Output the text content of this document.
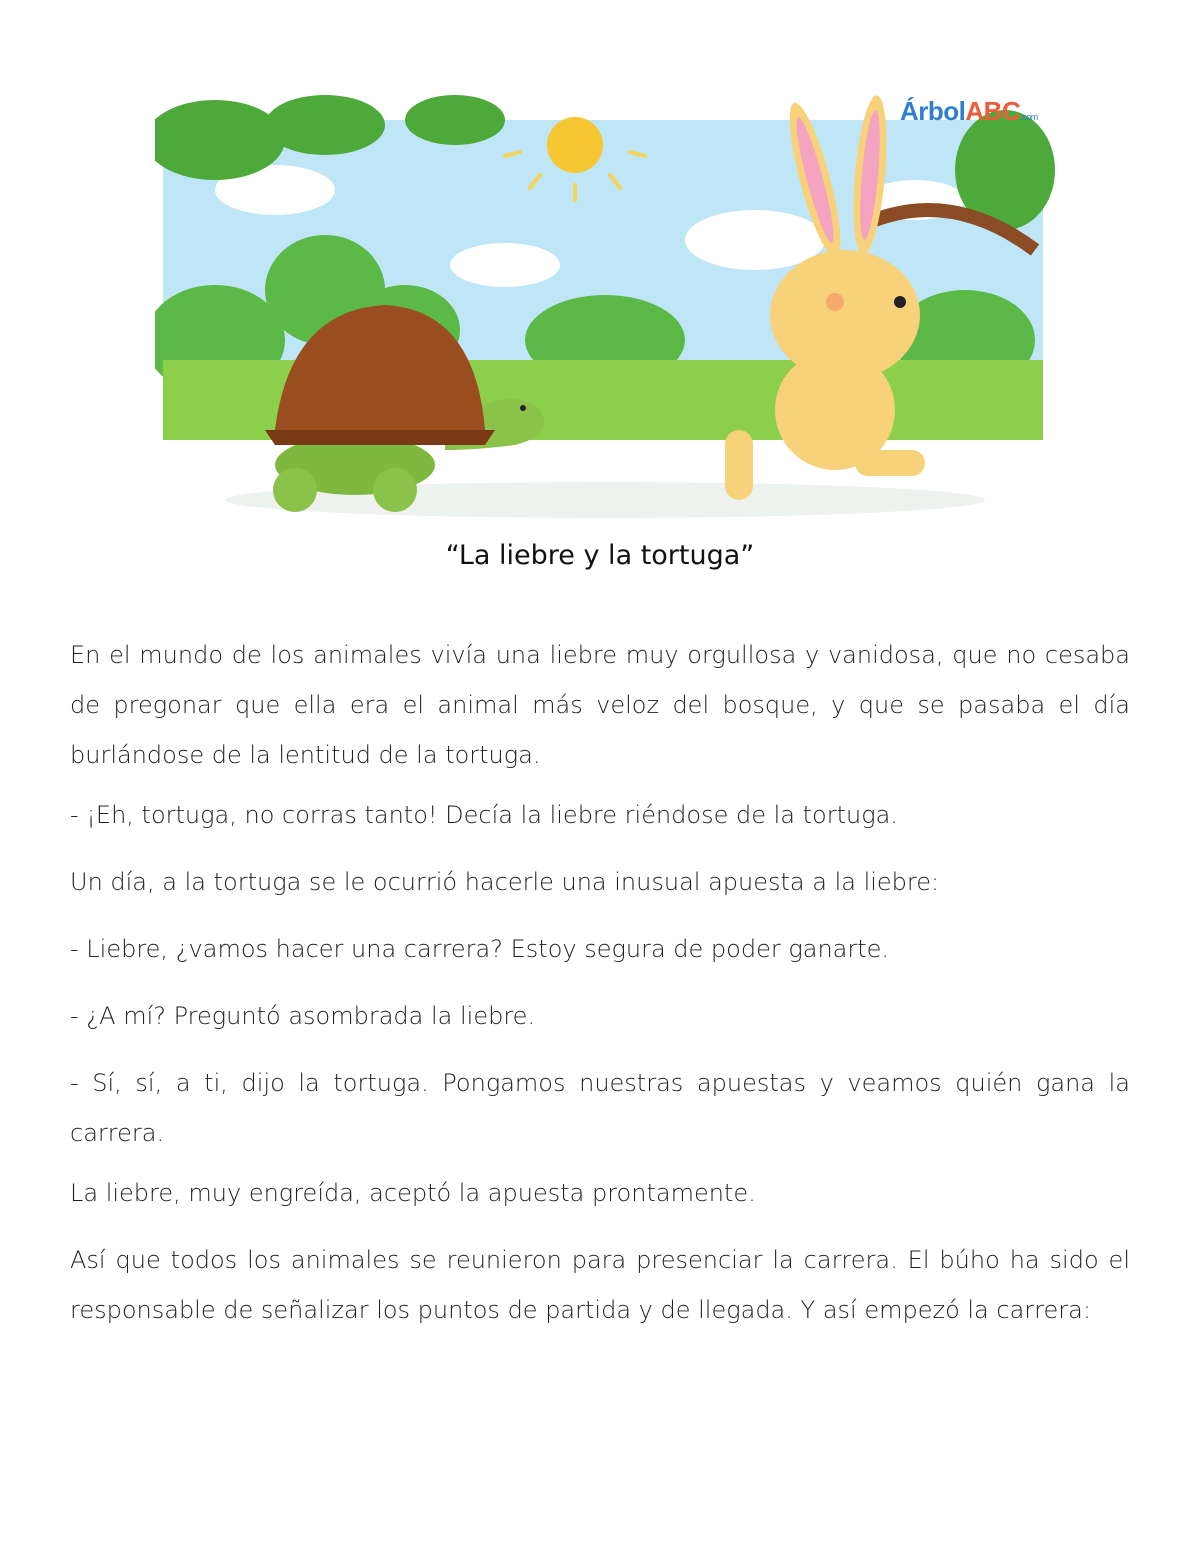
ÁrbolABC.com
“La liebre y la tortuga”

En el mundo de los animales vivía una liebre muy orgullosa y vanidosa, que no cesaba de pregonar que ella era el animal más veloz del bosque, y que se pasaba el día burlándose de la lentitud de la tortuga.

- ¡Eh, tortuga, no corras tanto! Decía la liebre riéndose de la tortuga.

Un día, a la tortuga se le ocurrió hacerle una inusual apuesta a la liebre:

- Liebre, ¿vamos hacer una carrera? Estoy segura de poder ganarte.

- ¿A mí? Preguntó asombrada la liebre.

- Sí, sí, a ti, dijo la tortuga. Pongamos nuestras apuestas y veamos quién gana la carrera.

La liebre, muy engreída, aceptó la apuesta prontamente.

Así que todos los animales se reunieron para presenciar la carrera. El búho ha sido el responsable de señalizar los puntos de partida y de llegada. Y así empezó la carrera:
